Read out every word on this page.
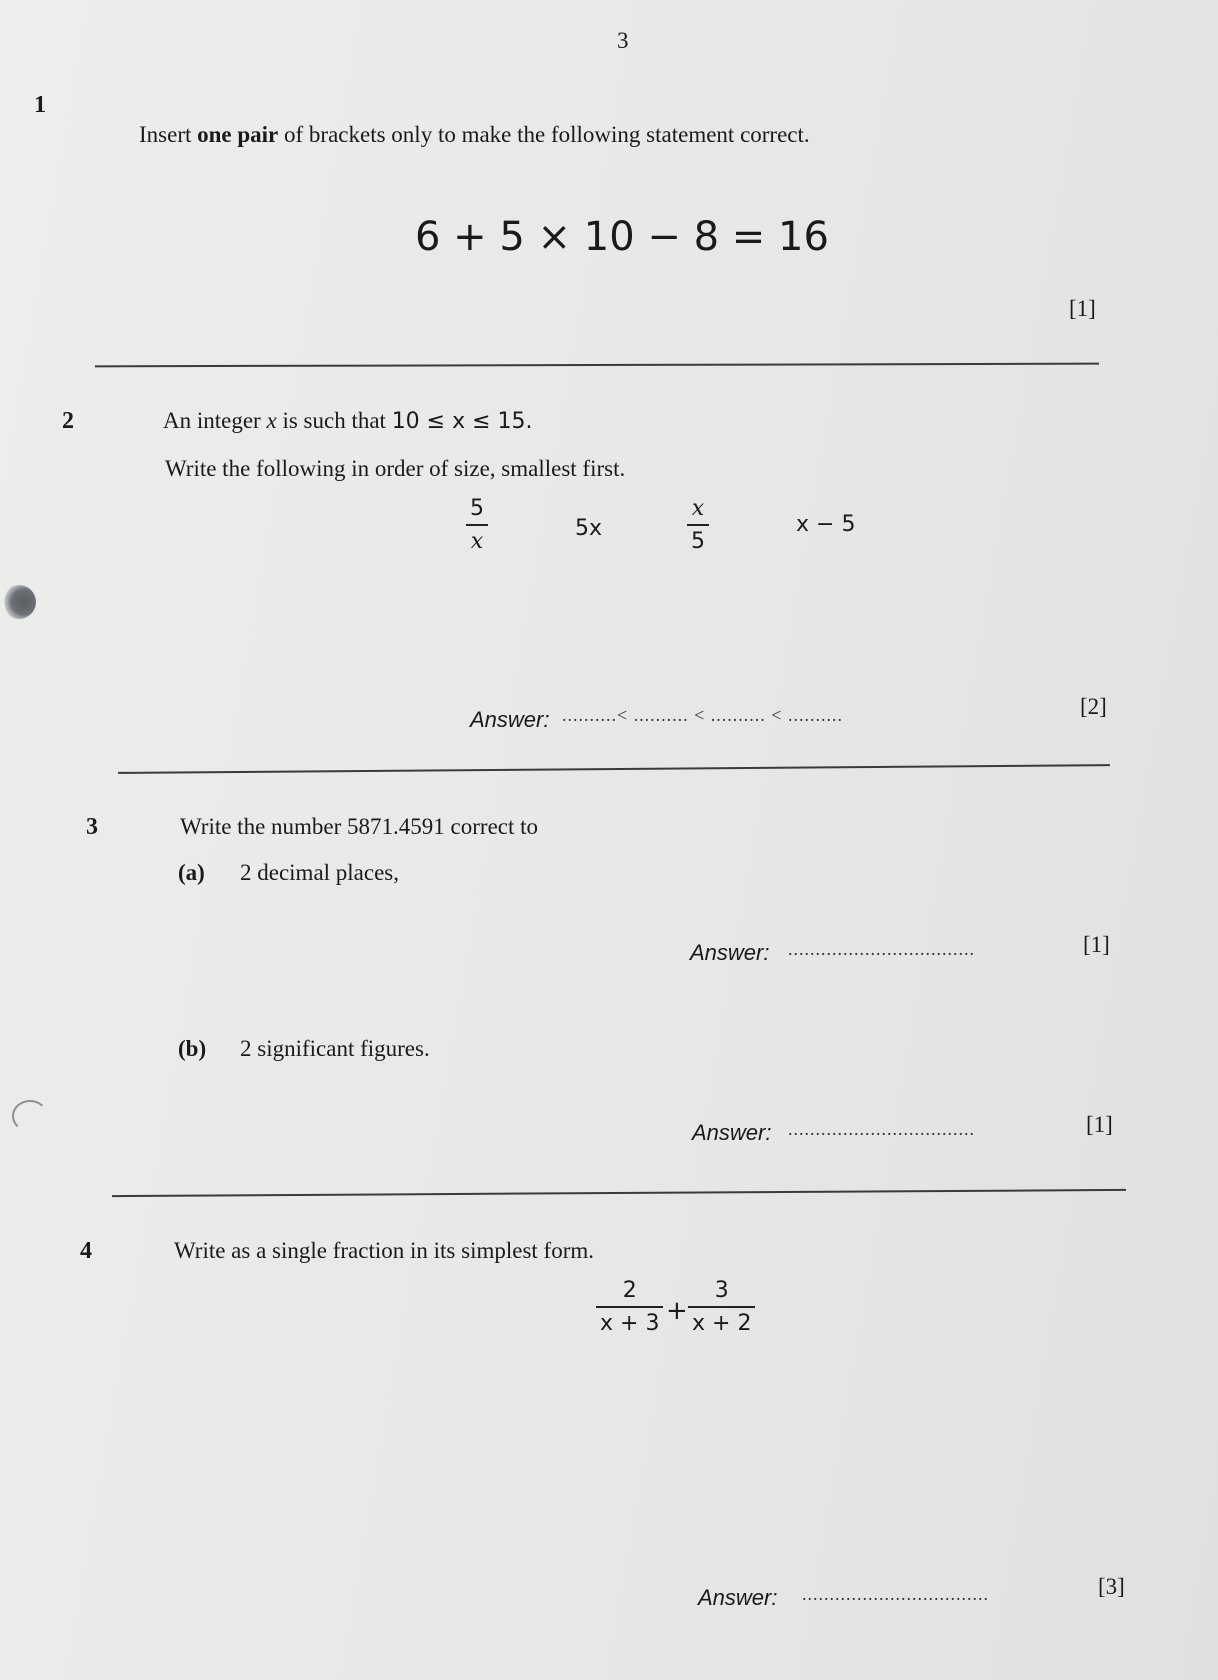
3
1
Insert one pair of brackets only to make the following statement correct.
6 + 5 × 10 − 8 = 16
[1]
2	An integer x is such that 10 ≤ x ≤ 15.
Write the following in order of size, smallest first.
5
x	5x
x
5
x − 5
Answer: ..........< .......... < .......... < ..........	[2]
3	Write the number 5871.4591 correct to
(a) 2 decimal places,
Answer: ..................................	[1]
(b) 2 significant figures.
Answer: ..................................	[1]
4	Write as a single fraction in its simplest form.
2
x + 3 +
3
x + 2
Answer: ..................................	[3]
